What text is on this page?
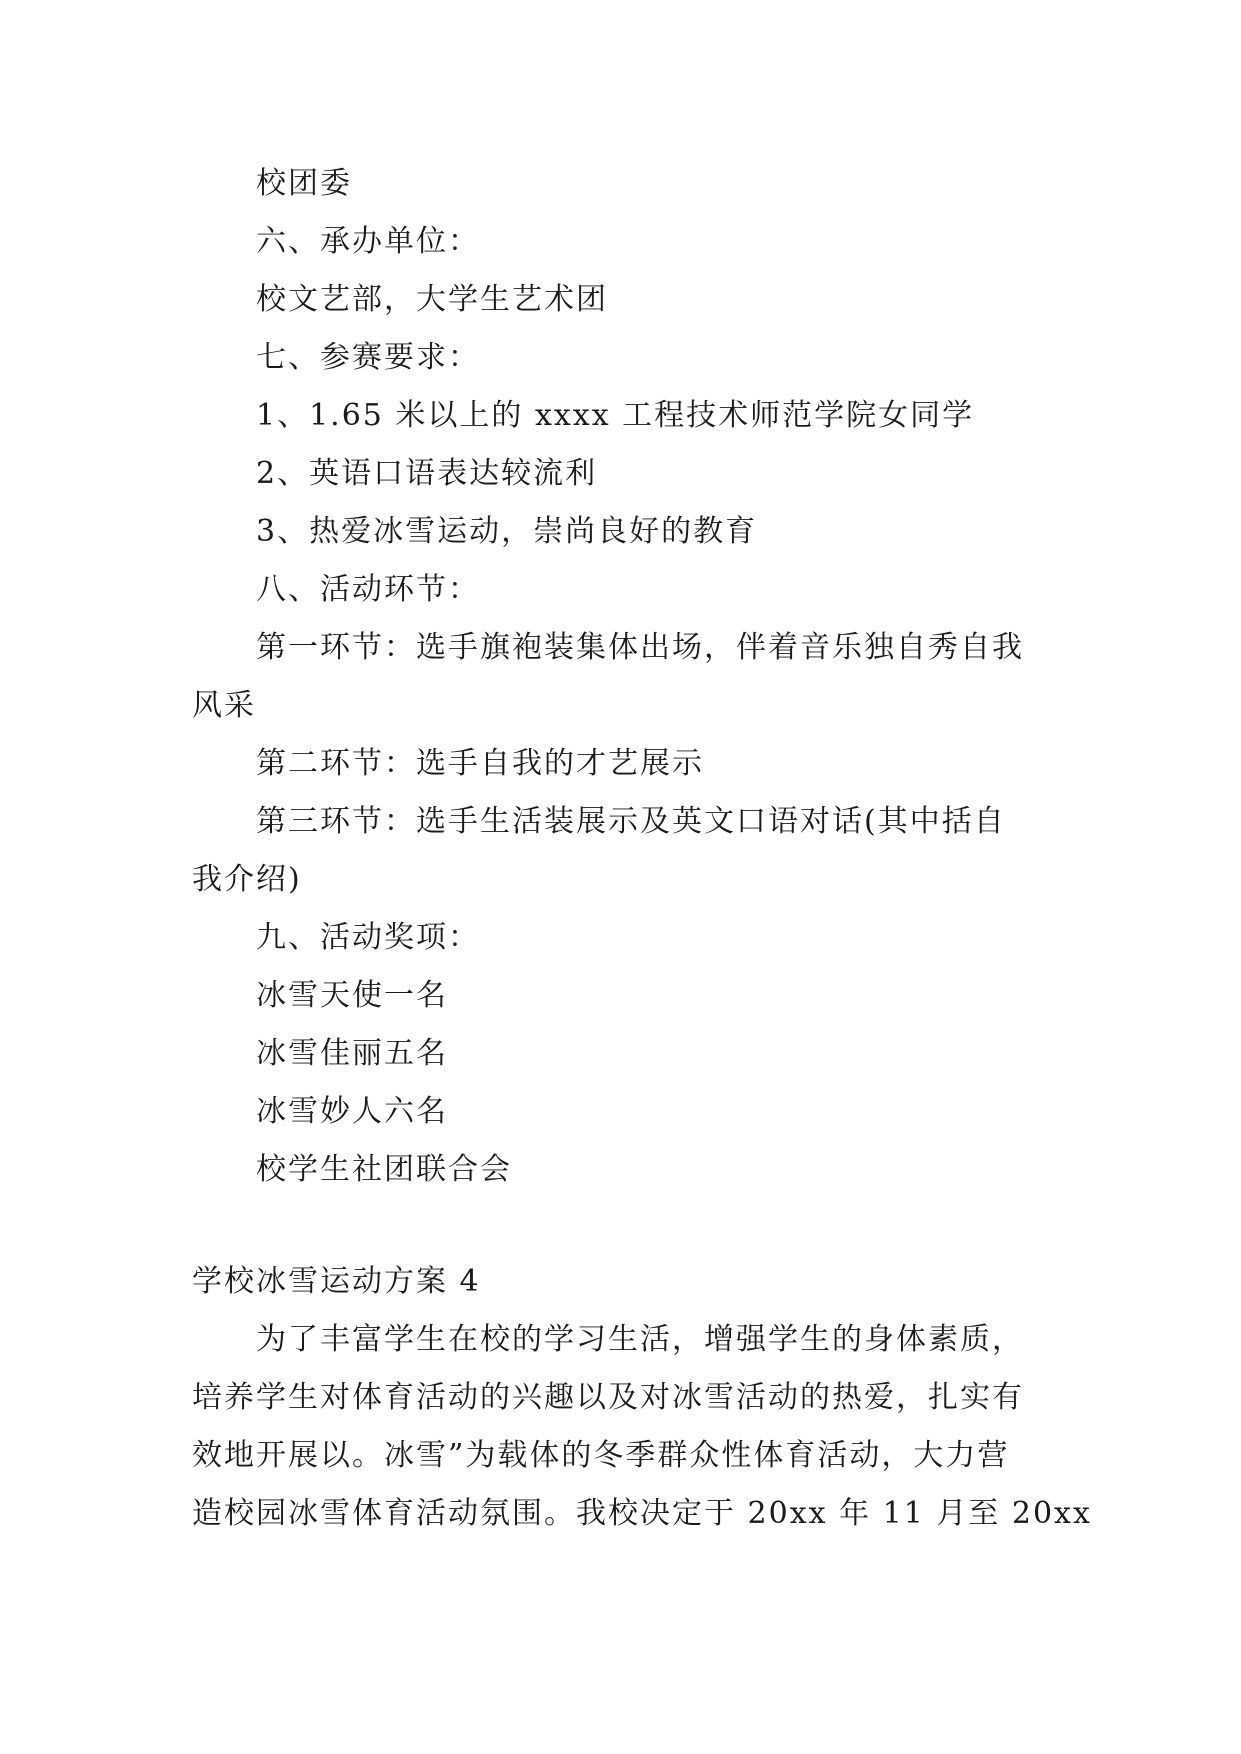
校团委
六、承办单位：
校文艺部，大学生艺术团
七、参赛要求：
1、1.65 米以上的 xxxx 工程技术师范学院女同学
2、英语口语表达较流利
3、热爱冰雪运动，崇尚良好的教育
八、活动环节：
第一环节：选手旗袍装集体出场，伴着音乐独自秀自我
风采
第二环节：选手自我的才艺展示
第三环节：选手生活装展示及英文口语对话(其中括自
我介绍)
九、活动奖项：
冰雪天使一名
冰雪佳丽五名
冰雪妙人六名
校学生社团联合会
学校冰雪运动方案 4
为了丰富学生在校的学习生活，增强学生的身体素质，
培养学生对体育活动的兴趣以及对冰雪活动的热爱，扎实有
效地开展以。冰雪”为载体的冬季群众性体育活动，大力营
造校园冰雪体育活动氛围。我校决定于 20xx 年 11 月至 20xx
